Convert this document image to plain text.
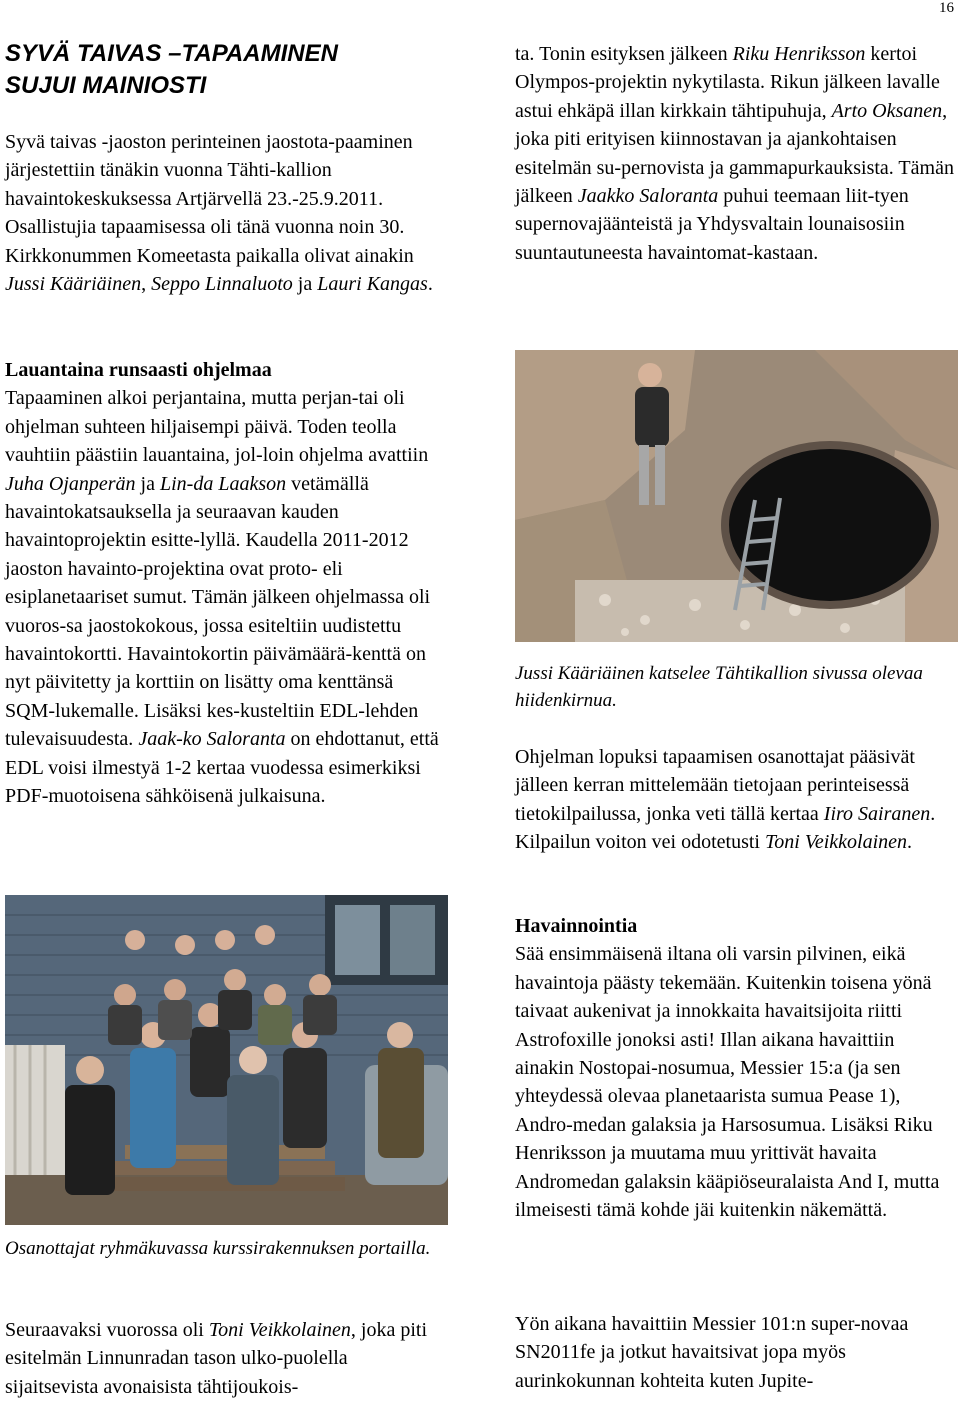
16
SYVÄ TAIVAS –TAPAAMINEN
SUJUI MAINIOSTI

Syvä taivas -jaoston perinteinen jaostota-paaminen järjestettiin tänäkin vuonna Tähti-kallion havaintokeskuksessa Artjärvellä 23.-25.9.2011. Osallistujia tapaamisessa oli tänä vuonna noin 30. Kirkkonummen Komeetasta paikalla olivat ainakin Jussi Kääriäinen, Seppo Linnaluoto ja Lauri Kangas.

Lauantaina runsaasti ohjelmaa
Tapaaminen alkoi perjantaina, mutta perjan-tai oli ohjelman suhteen hiljaisempi päivä. Toden teolla vauhtiin päästiin lauantaina, jol-loin ohjelma avattiin Juha Ojanperän ja Lin-da Laakson vetämällä havaintokatsauksella ja seuraavan kauden havaintoprojektin esitte-lyllä. Kaudella 2011-2012 jaoston havainto-projektina ovat proto- eli esiplanetaariset sumut. Tämän jälkeen ohjelmassa oli vuoros-sa jaostokokous, jossa esiteltiin uudistettu havaintokortti. Havaintokortin päivämäärä-kenttä on nyt päivitetty ja korttiin on lisätty oma kenttänsä SQM-lukemalle. Lisäksi kes-kusteltiin EDL-lehden tulevaisuudesta. Jaak-ko Saloranta on ehdottanut, että EDL voisi ilmestyä 1-2 kertaa vuodessa esimerkiksi PDF-muotoisena sähköisenä julkaisuna.

Osanottajat ryhmäkuvassa kurssirakennuksen portailla.

Seuraavaksi vuorossa oli Toni Veikkolainen, joka piti esitelmän Linnunradan tason ulko-puolella sijaitsevista avonaisista tähtijoukois-

ta. Tonin esityksen jälkeen Riku Henriksson kertoi Olympos-projektin nykytilasta. Rikun jälkeen lavalle astui ehkäpä illan kirkkain tähtipuhuja, Arto Oksanen, joka piti erityisen kiinnostavan ja ajankohtaisen esitelmän su-pernovista ja gammapurkauksista. Tämän jälkeen Jaakko Saloranta puhui teemaan liit-tyen supernovajäänteistä ja Yhdysvaltain lounaisosiin suuntautuneesta havaintomat-kastaan.

Jussi Kääriäinen katselee Tähtikallion sivussa olevaa hiidenkirnua.

Ohjelman lopuksi tapaamisen osanottajat pääsivät jälleen kerran mittelemään tietojaan perinteisessä tietokilpailussa, jonka veti tällä kertaa Iiro Sairanen. Kilpailun voiton vei odotetusti Toni Veikkolainen.

Havainnointia
Sää ensimmäisenä iltana oli varsin pilvinen, eikä havaintoja päästy tekemään. Kuitenkin toisena yönä taivaat aukenivat ja innokkaita havaitsijoita riitti Astrofoxille jonoksi asti! Illan aikana havaittiin ainakin Nostopai-nosumua, Messier 15:a (ja sen yhteydessä olevaa planetaarista sumua Pease 1), Andro-medan galaksia ja Harsosumua. Lisäksi Riku Henriksson ja muutama muu yrittivät havaita Andromedan galaksin kääpiöseuralaista And I, mutta ilmeisesti tämä kohde jäi kuitenkin näkemättä.

Yön aikana havaittiin Messier 101:n super-novaa SN2011fe ja jotkut havaitsivat jopa myös aurinkokunnan kohteita kuten Jupite-
